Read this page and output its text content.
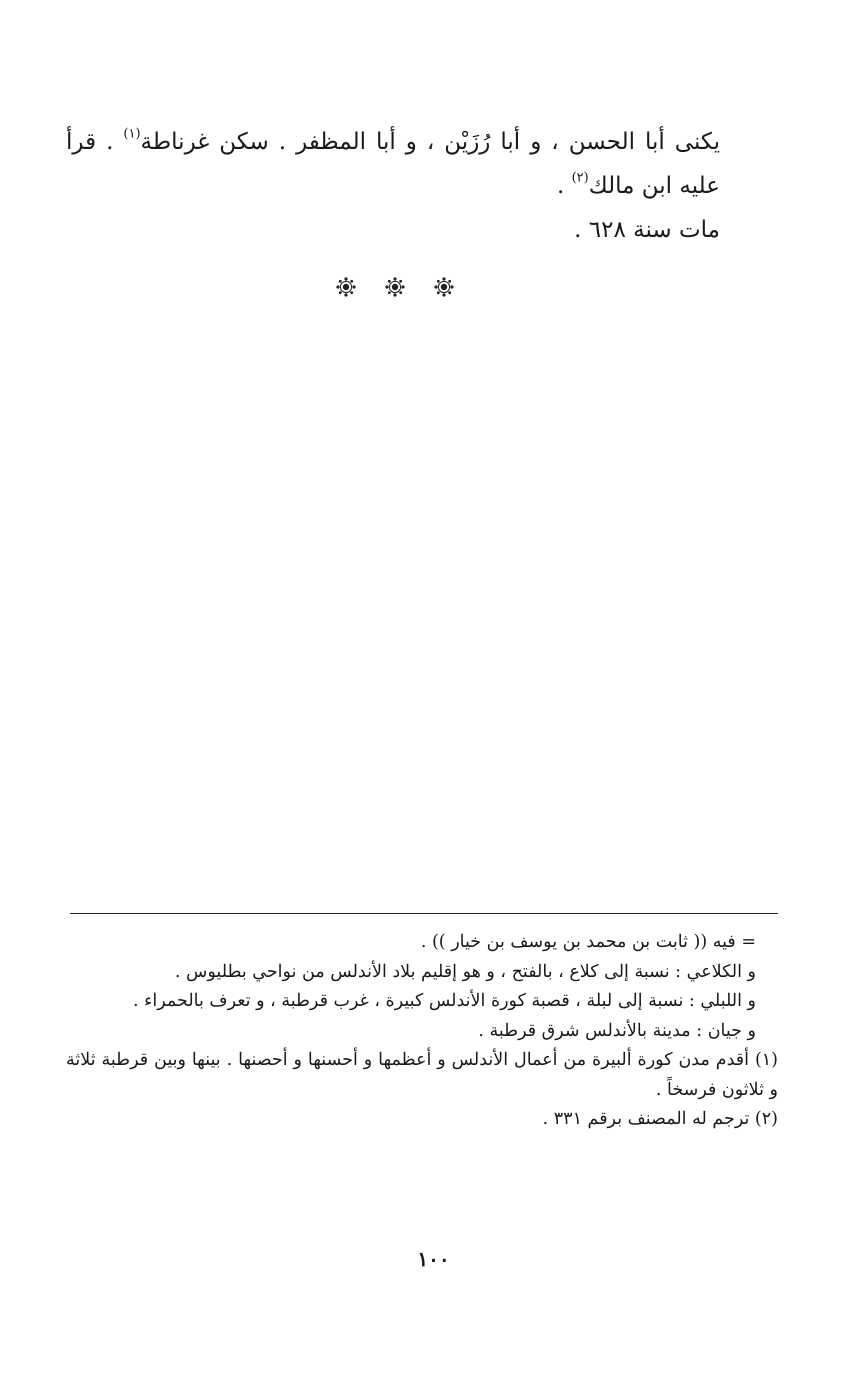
يكنى أبا الحسن ، و أبا رُزَيْن ، و أبا المظفر . سكن غرناطة$^{(١)}$ . قرأ عليه ابن مالك$^{(٢)}$ .

مات سنة ٦٢٨ .

= فيه (( ثابت بن محمد بن يوسف بن خيار )) .

و الكلاعي : نسبة إلى كلاع ، بالفتح ، و هو إقليم بلاد الأندلس من نواحي بطليوس .

و اللبلي : نسبة إلى لبلة ، قصبة كورة الأندلس كبيرة ، غرب قرطبة ، و تعرف بالحمراء .

و جيان : مدينة بالأندلس شرق قرطبة .

(١) أقدم مدن كورة ألبيرة من أعمال الأندلس و أعظمها و أحسنها و أحصنها . بينها وبين قرطبة ثلاثة و ثلاثون فرسخاً .

(٢) ترجم له المصنف برقم ٣٣١ .

١٠٠
